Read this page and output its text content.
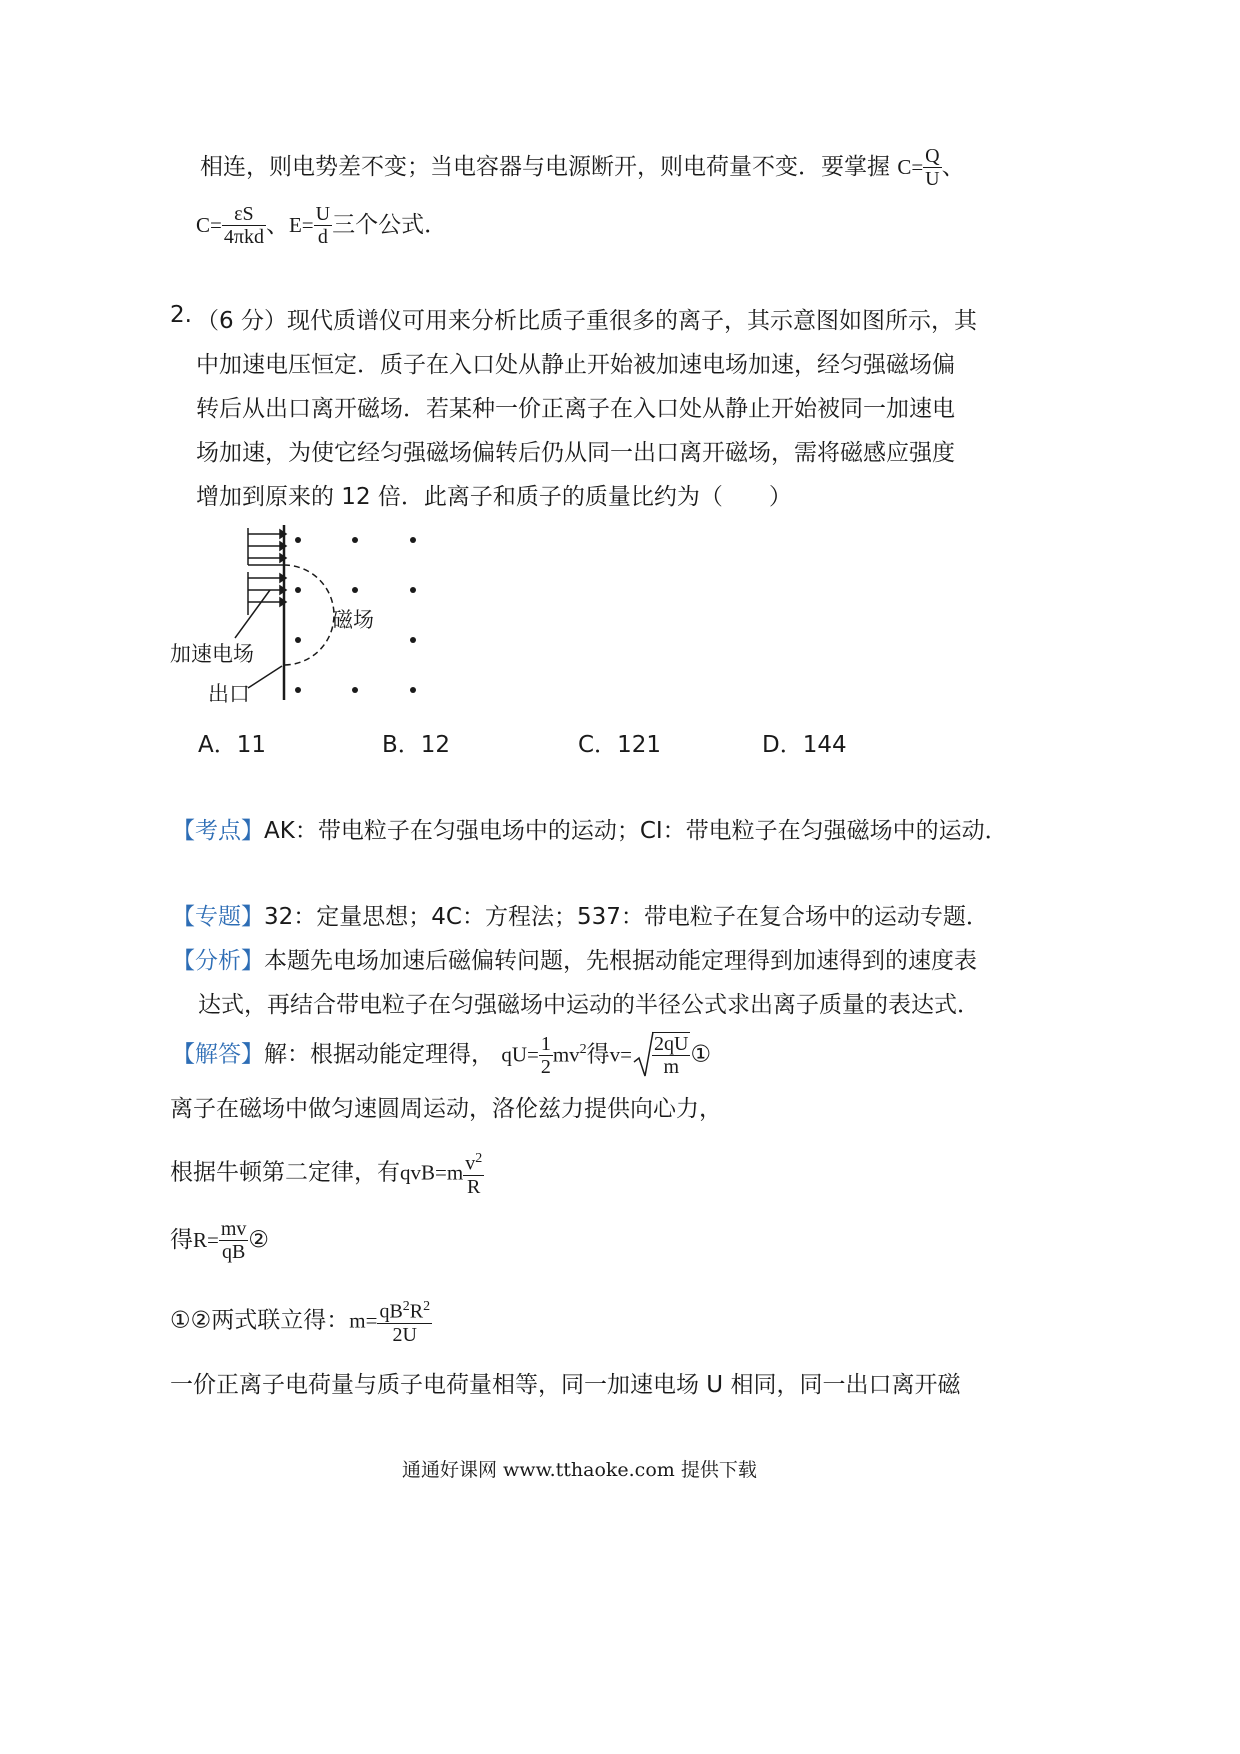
相连，则电势差不变；当电容器与电源断开，则电荷量不变．要掌握 $C= \frac{Q}{U}$ 、
$C= \frac{\varepsilon S}{\text{4πkd}}$ 、$E= \frac{U}{d}$ 三个公式．
2. （6 分）现代质谱仪可用来分析比质子重很多的离子，其示意图如图所示，其
中加速电压恒定．质子在入口处从静止开始被加速电场加速，经匀强磁场偏
转后从出口离开磁场．若某种一价正离子在入口处从静止开始被同一加速电
场加速，为使它经匀强磁场偏转后仍从同一出口离开磁场，需将磁感应强度
增加到原来的 12 倍．此离子和质子的质量比约为（　　）
磁场
加速电场
出口
A．11	B．12	C．121	D．144
【考点】AK：带电粒子在匀强电场中的运动；CI：带电粒子在匀强磁场中的运动．
【专题】32：定量思想；4C：方程法；537：带电粒子在复合场中的运动专题．
【分析】本题先电场加速后磁偏转问题，先根据动能定理得到加速得到的速度表
达式，再结合带电粒子在匀强磁场中运动的半径公式求出离子质量的表达式．
【解答】解：根据动能定理得， $qU= \frac{1}{2} mv^2$得$v= \frac{2qU}{m}$ ①
离子在磁场中做匀速圆周运动，洛伦兹力提供向心力，
根据牛顿第二定律，有$qvB=m \frac{v^2}{R}$
得$R= \frac{mv}{qB}$ ②
①②两式联立得：$m= \frac{qB^2R^2}{2U}$
一价正离子电荷量与质子电荷量相等，同一加速电场 U 相同，同一出口离开磁
通通好课网 www.tthaoke.com 提供下载
